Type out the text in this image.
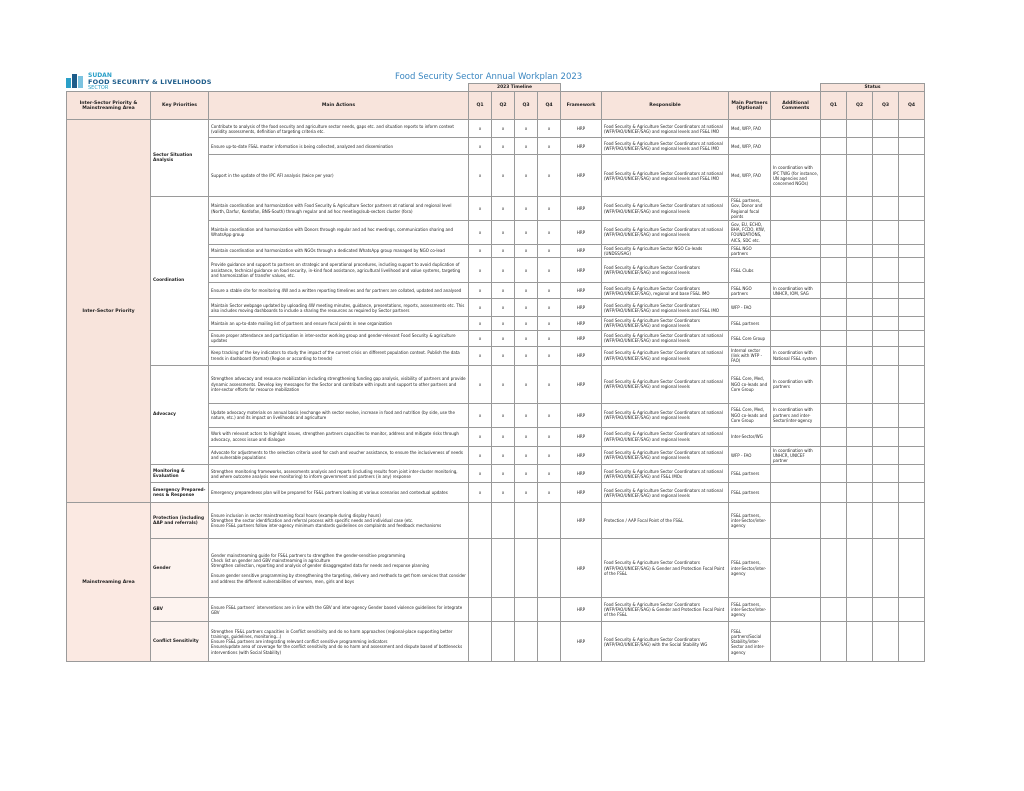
SUDAN
FOOD SECURITY & LIVELIHOODS
SECTOR
Food Security Sector Annual Workplan 2023
			2023 Timeline								Status			
Inter-Sector Priority & Mainstreaming Area	Key Priorities	Main Actions	Q1	Q2	Q3	Q4	Framework	Responsible	Main Partners (Optional)	Additional Comments	Q1	Q2	Q3	Q4
Inter-Sector Priority	Sector Situation Analysis	Contribute to analysis of the food security and agriculture sector needs, gaps etc. and situation reports to inform context (validity assessments, definition of targeting criteria etc.	x	x	x	x	HRP	Food Security & Agriculture Sector Coordinators at national (WFP/FAO/UNICEF/SAG) and regional levels and FS&L IMO	Med, WFP, FAO					
		Ensure up-to-date FS&L master information is being collected, analyzed and dissemination	x	x	x	x	HRP	Food Security & Agriculture Sector Coordinators at national (WFP/FAO/UNICEF/SAG) and regional levels and FS&L IMO	Med, WFP, FAO					
		Support in the update of the IPC AFI analysis (twice per year)	x	x	x	x	HRP	Food Security & Agriculture Sector Coordinators at national (WFP/FAO/UNICEF/SAG) and regional levels and FS&L IMO	Med, WFP, FAO	In coordination with IPC TWG (for instance, UN agencies and concerned NGOs)				
	Coordination	Maintain coordination and harmonization with Food Security & Agriculture Sector partners at national and regional level (North, Darfur, Kordofan, BNS-South) through regular and ad hoc meetings/sub-sectors cluster (fora)	x	x	x	x	HRP	Food Security & Agriculture Sector Coordinators at national (WFP/FAO/UNICEF/SAG) and regional levels	FS&L partners, Gov, Donor and Regional focal points					
		Maintain coordination and harmonization with Donors through regular and ad hoc meetings, communication sharing and WhatsApp group	x	x	x	x	HRP	Food Security & Agriculture Sector Coordinators at national (WFP/FAO/UNICEF/SAG) and regional levels	Gov, EU, ECHO, BHA, FCDO, KfW, FOUNDATIONS, AICS, SDC etc.					
		Maintain coordination and harmonization with NGOs through a dedicated WhatsApp group managed by NGO co-lead	x	x	x	x	HRP	Food Security & Agriculture Sector NGO Co-leads (UNDSS/SAG)	FS&L NGO partners					
		Provide guidance and support to partners on strategic and operational procedures, including support to avoid duplication of assistance, technical guidance on food security, in-kind food assistance, agricultural livelihood and value systems, targeting and harmonization of transfer values, etc.	x	x	x	x	HRP	Food Security & Agriculture Sector Coordinators (WFP/FAO/UNICEF/SAG) and regional levels	FS&L Clubs					
		Ensure a stable site for monitoring 4W and a written reporting timelines and for partners are collated, updated and analysed	x	x	x	x	HRP	Food Security & Agriculture Sector Coordinators (WFP/FAO/UNICEF/SAG), regional and base FS&L IMO	FS&L NGO partners	In coordination with UNHCR, IOM, SAG				
		Maintain Sector webpage updated by uploading 4W meeting minutes, guidance, presentations, reports, assessments etc. This also includes moving dashboards to include a sharing the resources as required by Sector partners	x	x	x	x	HRP	Food Security & Agriculture Sector Coordinators (WFP/FAO/UNICEF/SAG) and regional levels and FS&L IMO	WFP - FAO					
		Maintain an up-to-date mailing list of partners and ensure focal points in new organization	x	x	x	x	HRP	Food Security & Agriculture Sector Coordinators (WFP/FAO/UNICEF/SAG) and regional levels	FS&L partners					
		Ensure proper attendance and participation in inter-sector working group and gender-relevant Food Security & agriculture updates	x	x	x	x	HRP	Food Security & Agriculture Sector Coordinators at national (WFP/FAO/UNICEF/SAG) and regional levels	FS&L Core Group					
		Keep tracking of the key indicators to study the impact of the current crisis on different population context. Publish the data trends in dashboard (format) (Region or according to trends)	x	x	x	x	HRP	Food Security & Agriculture Sector Coordinators at national (WFP/FAO/UNICEF/SAG) and regional levels	Internal sector (link with WFP - FAO)	In coordination with National FS&L system				
	Advocacy	Strengthen advocacy and resource mobilization including strengthening funding gap analysis, visibility of partners and provide dynamic assessments. Develop key messages for the Sector and contribute with inputs and support to other partners and inter-sector efforts for resource mobilization	x	x	x	x	HRP	Food Security & Agriculture Sector Coordinators at national (WFP/FAO/UNICEF/SAG) and regional levels	FS&L Core, Med, NGO co-leads and Core Group	In coordination with partners				
		Update advocacy materials on annual basis (exchange with sector evolve, increase in food and nutrition (by side, use the nature, etc.) and its impact on livelihoods and agriculture	x	x	x	x	HRP	Food Security & Agriculture Sector Coordinators at national (WFP/FAO/UNICEF/SAG) and regional levels	FS&L Core, Med, NGO co-leads and Core Group	In coordination with partners and inter-Sector/inter-agency				
		Work with relevant actors to highlight issues, strengthen partners capacities to monitor, address and mitigate risks through advocacy, access issue and dialogue	x	x	x	x	HRP	Food Security & Agriculture Sector Coordinators at national (WFP/FAO/UNICEF/SAG) and regional levels	Inter-Sector/WG					
		Advocate for adjustments to the selection criteria used for cash and voucher assistance, to ensure the inclusiveness of needs and vulnerable populations	x	x	x	x	HRP	Food Security & Agriculture Sector Coordinators at national (WFP/FAO/UNICEF/SAG) and regional levels	WFP - FAO	In coordination with UNHCR, UNICEF partner				
	Monitoring & Evaluation	Strengthen monitoring frameworks, assessments analysis and reports (including results from joint inter-cluster monitoring, and where outcome analysis new monitoring) to inform government and partners (in any) response	x	x	x	x	HRP	Food Security & Agriculture Sector Coordinators at national (WFP/FAO/UNICEF/SAG) and FS&L IMOs	FS&L partners					
	Emergency Prepared-ness & Response	Emergency preparedness plan will be prepared for FS&L partners looking at various scenarios and contextual updates	x	x	x	x	HRP	Food Security & Agriculture Sector Coordinators at national (WFP/FAO/UNICEF/SAG) and regional levels	FS&L partners					
Mainstreaming Area	Protection (including AAP and referrals)	Ensure inclusion in sector mainstreaming focal hours (example during display hours)
Strengthen the sector identification and referral process with specific needs and individual case (etc.
Ensure FS&L partners follow inter-agency minimum standards guidelines on complaints and feedback mechanisms					HRP	Protection / AAP Focal Point of the FS&L	FS&L partners, inter-Sector/inter-agency					
	Gender	Gender mainstreaming guide for FS&L partners to strengthen the gender-sensitive programming
Check list on gender and GBV mainstreaming in agriculture
Strengthen collection, reporting and analysis of gender disaggregated data for needs and response planning

Ensure gender sensitive programming by strengthening the targeting, delivery and methods to get from services that consider and address the different vulnerabilities of women, men, girls and boys					HRP	Food Security & Agriculture Sector Coordinators (WFP/FAO/UNICEF/SAG) & Gender and Protection Focal Point of the FS&L	FS&L partners, inter-Sector/inter-agency					
	GBV	Ensure FS&L partners' interventions are in line with the GBV and inter-agency Gender based violence guidelines for integrate GBV					HRP	Food Security & Agriculture Sector Coordinators (WFP/FAO/UNICEF/SAG) & Gender and Protection Focal Point of the FS&L	FS&L partners, inter-Sector/inter-agency					
	Conflict Sensitivity	Strengthen FS&L partners capacities in Conflict sensitivity and do no harm approaches (regional-place supporting better trainings, guidelines, monitoring...)
Ensure FS&L partners are integrating relevant conflict sensitive programming indicators
Ensure/update area of coverage for the conflict sensitivity and do no harm and assessment and dispute based of bottlenecks interventions (with Social Stability)					HRP	Food Security & Agriculture Sector Coordinators (WFP/FAO/UNICEF/SAG) with the Social Stability WG	FS&L partners/Social Stability/inter-Sector and inter-agency					
